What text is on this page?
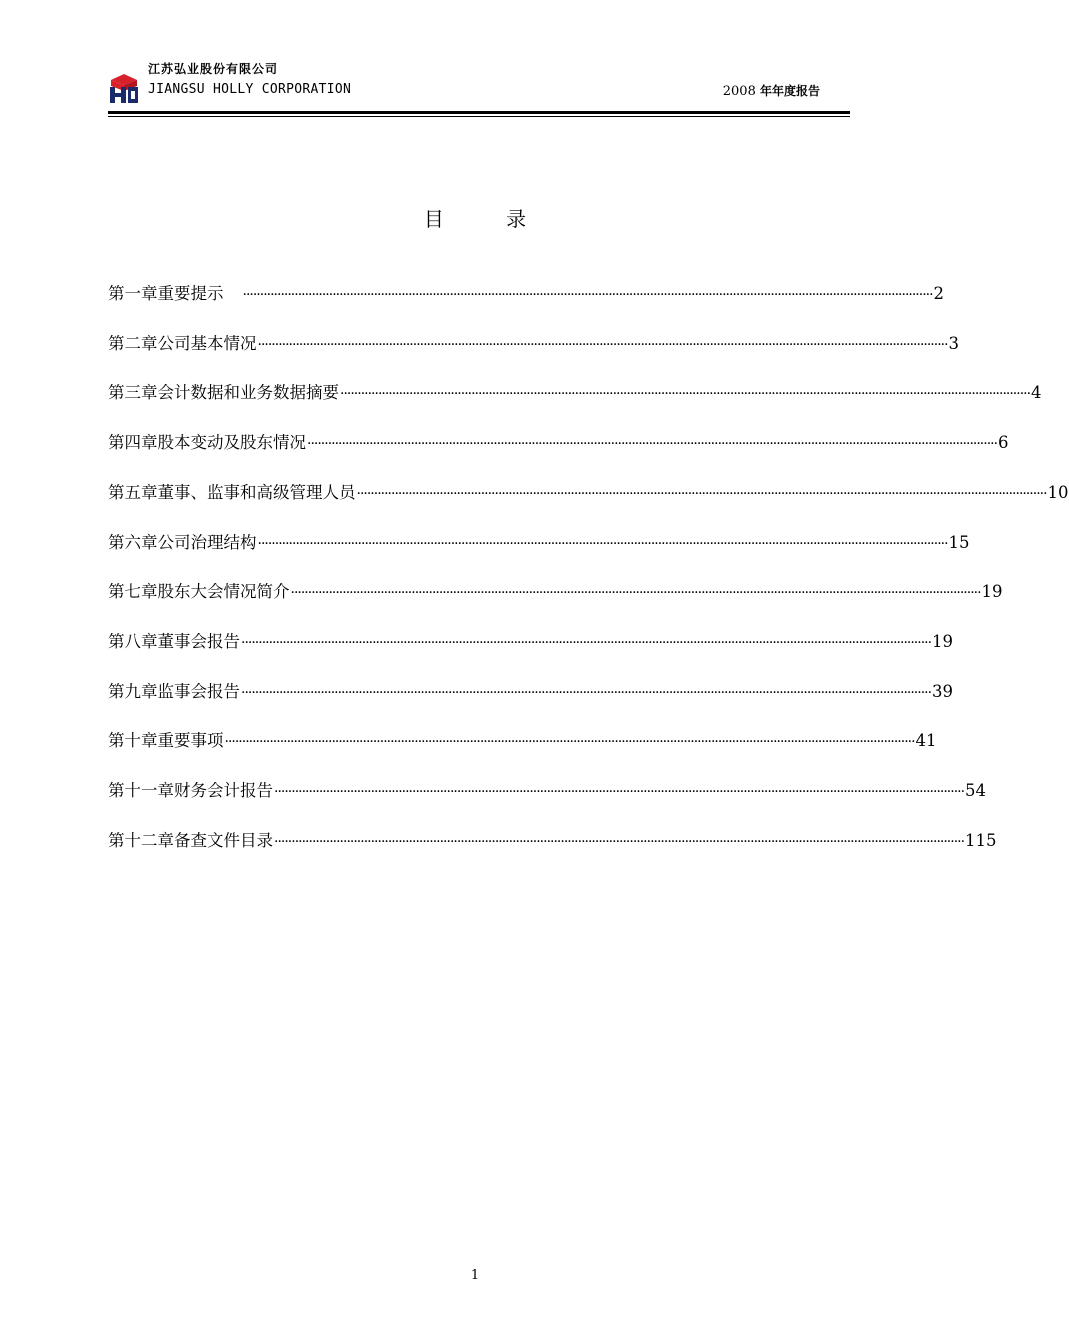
江苏弘业股份有限公司
JIANGSU HOLLY CORPORATION	2008 年年度报告
目 录
第一章 重要提示 ········································································································································································································ 2
第二章 公司基本情况 ········································································································································································································ 3
第三章 会计数据和业务数据摘要 ········································································································································································································ 4
第四章 股本变动及股东情况 ········································································································································································································ 6
第五章 董事、监事和高级管理人员 ········································································································································································································ 10
第六章 公司治理结构 ········································································································································································································ 15
第七章 股东大会情况简介 ········································································································································································································ 19
第八章 董事会报告 ········································································································································································································ 19
第九章 监事会报告 ········································································································································································································ 39
第十章 重要事项 ········································································································································································································ 41
第十一章 财务会计报告 ········································································································································································································ 54
第十二章 备查文件目录 ········································································································································································································ 115
1
